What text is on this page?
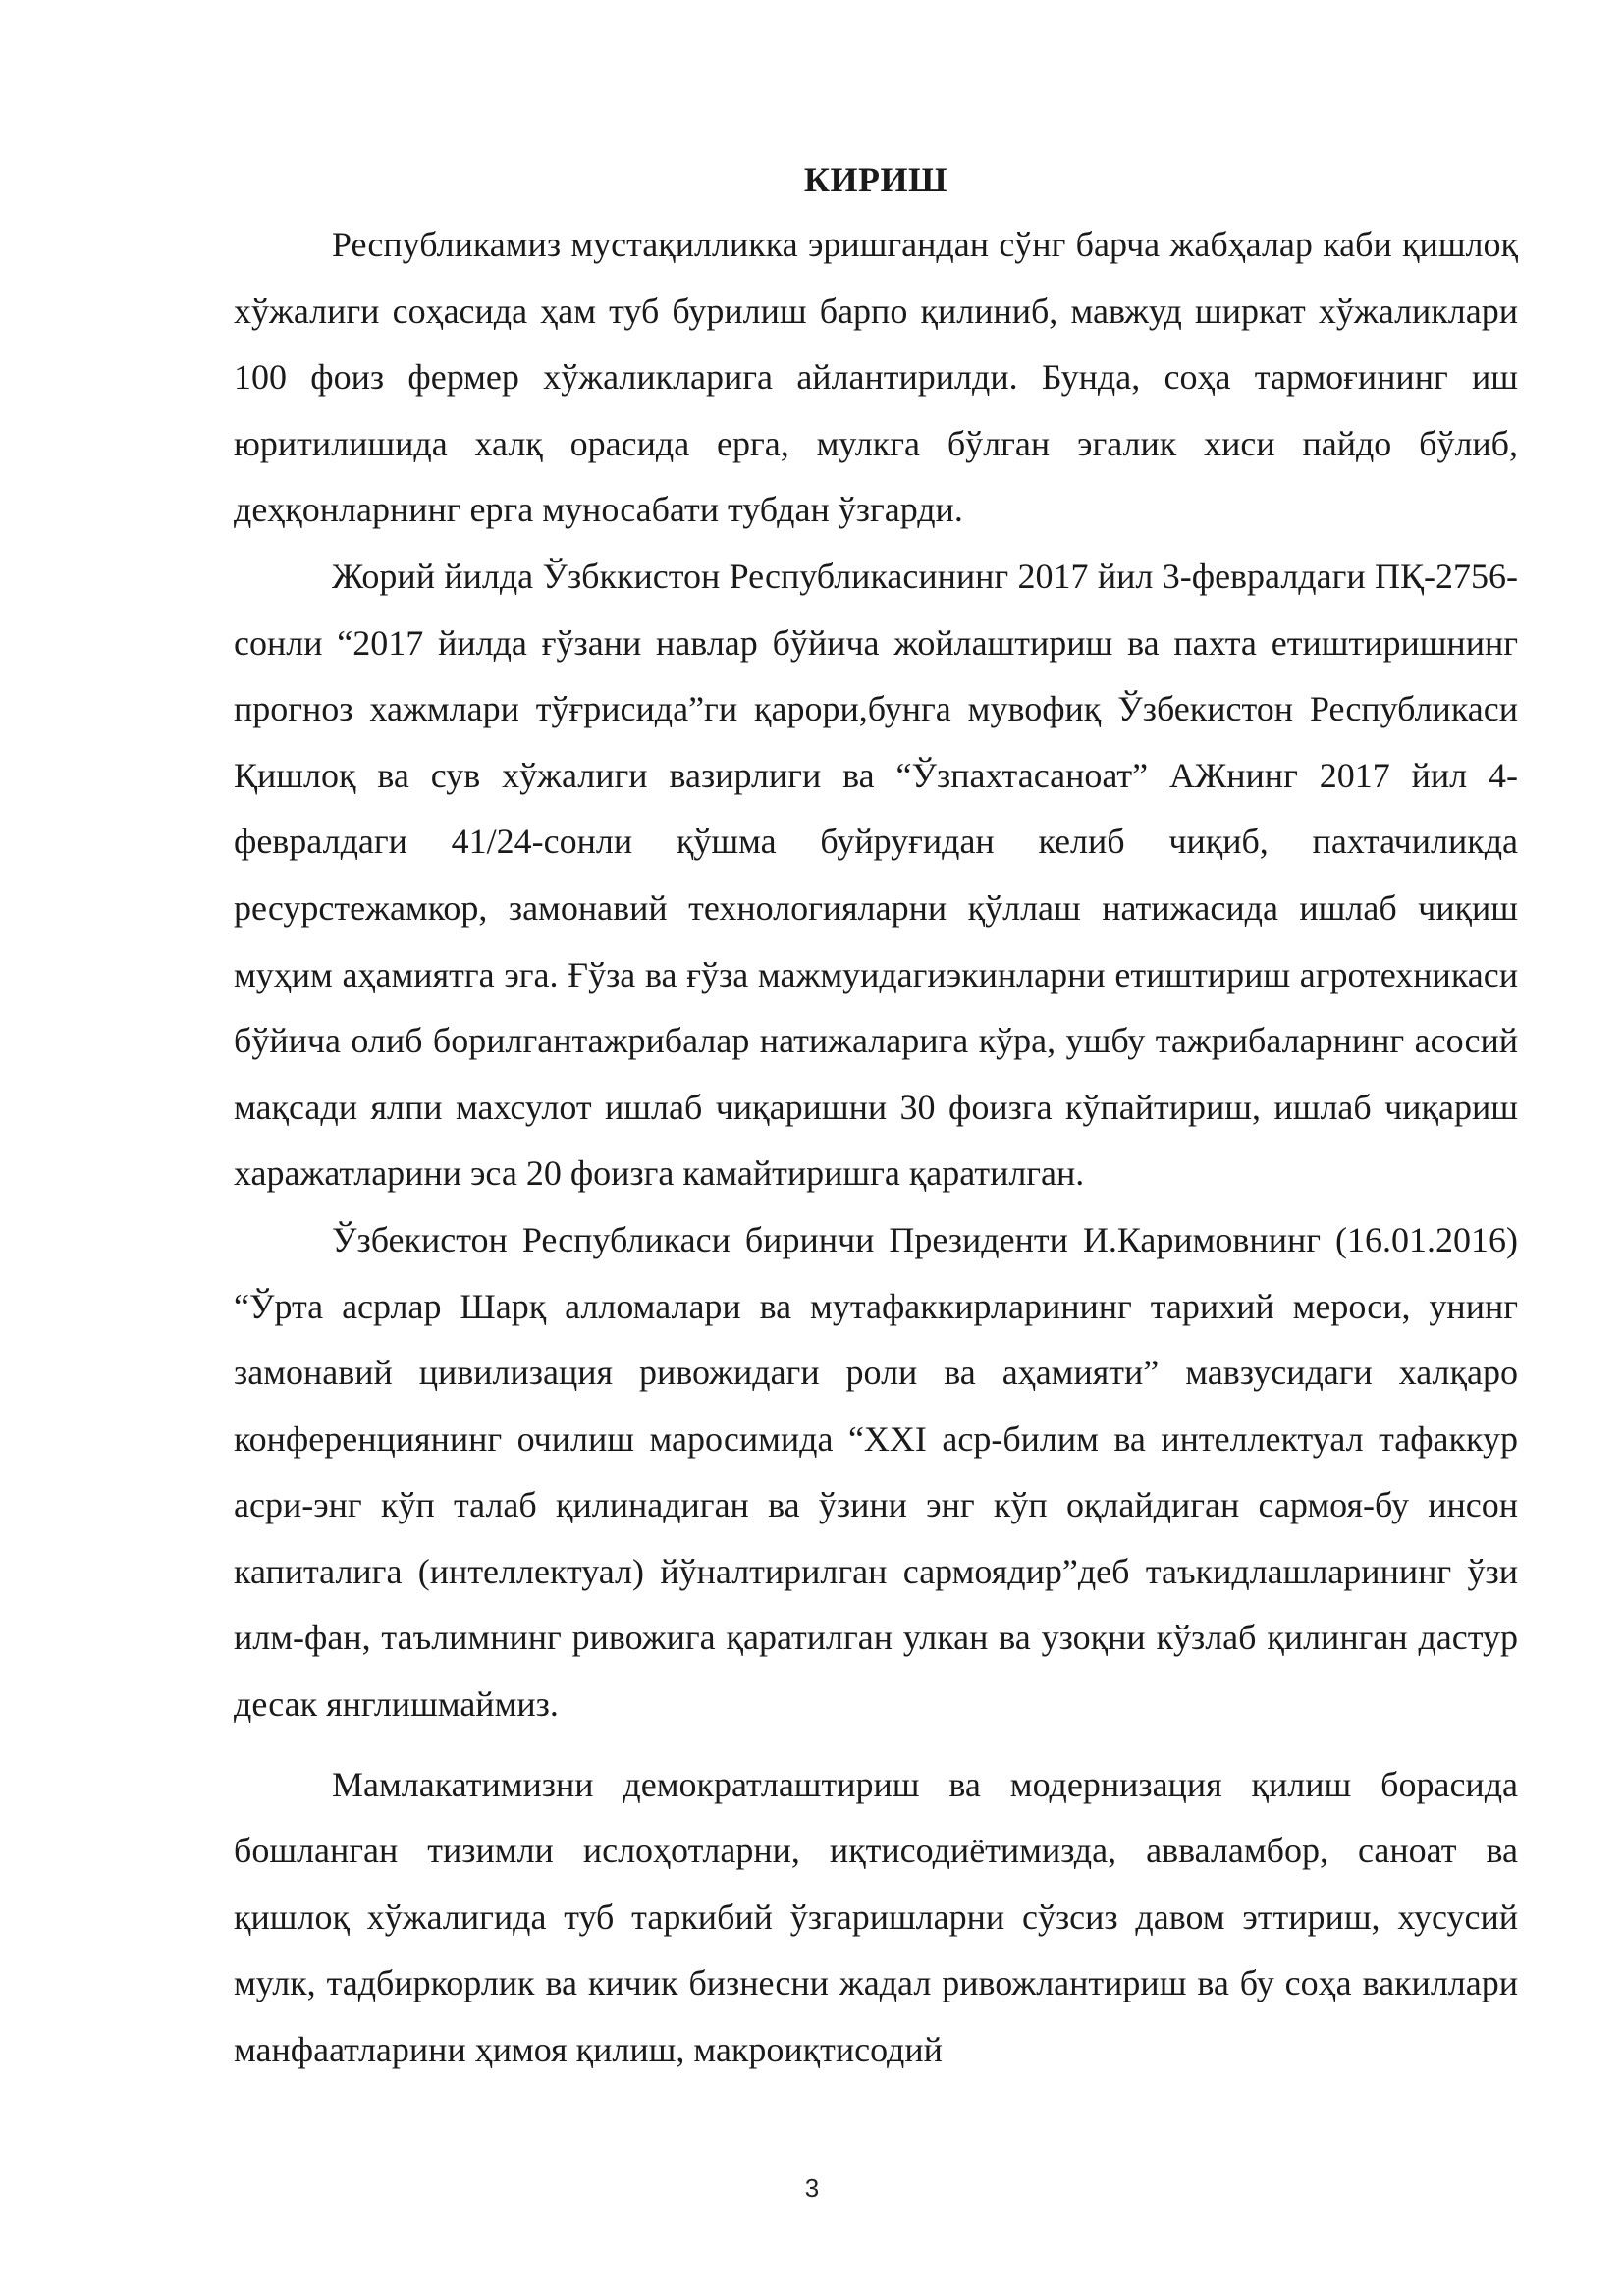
КИРИШ

Республикамиз мустақилликка эришгандан сўнг барча жабҳалар каби қишлоқ хўжалиги соҳасида ҳам туб бурилиш барпо қилиниб, мавжуд ширкат хўжаликлари 100 фоиз фермер хўжаликларига айлантирилди. Бунда, соҳа тармоғининг иш юритилишида халқ орасида ерга, мулкга бўлган эгалик хиси пайдо бўлиб, деҳқонларнинг ерга муносабати тубдан ўзгарди.

Жорий йилда Ўзбккистон Республикасининг 2017 йил 3-февралдаги ПҚ-2756- сонли “2017 йилда ғўзани навлар бўйича жойлаштириш ва пахта етиштиришнинг прогноз хажмлари тўғрисида”ги қарори,бунга мувофиқ Ўзбекистон Республикаси Қишлоқ ва сув хўжалиги вазирлиги ва “Ўзпахтасаноат” АЖнинг 2017 йил 4-февралдаги 41/24-сонли қўшма буйруғидан келиб чиқиб, пахтачиликда ресурстежамкор, замонавий технологияларни қўллаш натижасида ишлаб чиқиш муҳим аҳамиятга эга. Ғўза ва ғўза мажмуидагиэкинларни етиштириш агротехникаси бўйича олиб борилгантажрибалар натижаларига кўра, ушбу тажрибаларнинг асосий мақсади ялпи махсулот ишлаб чиқаришни 30 фоизга кўпайтириш, ишлаб чиқариш харажатларини эса 20 фоизга камайтиришга қаратилган.

Ўзбекистон Республикаси биринчи Президенти И.Каримовнинг (16.01.2016) “Ўрта асрлар Шарқ алломалари ва мутафаккирларининг тарихий мероси, унинг замонавий цивилизация ривожидаги роли ва аҳамияти” мавзусидаги халқаро конференциянинг очилиш маросимида “XXI аср-билим ва интеллектуал тафаккур асри-энг кўп талаб қилинадиган ва ўзини энг кўп оқлайдиган сармоя-бу инсон капиталига (интеллектуал) йўналтирилган сармоядир”деб таъкидлашларининг ўзи илм-фан, таълимнинг ривожига қаратилган улкан ва узоқни кўзлаб қилинган дастур десак янглишмаймиз.

Мамлакатимизни демократлаштириш ва модернизация қилиш борасида бошланган тизимли ислоҳотларни, иқтисодиётимизда, авваламбор, саноат ва қишлоқ хўжалигида туб таркибий ўзгаришларни сўзсиз давом эттириш, хусусий мулк, тадбиркорлик ва кичик бизнесни жадал ривожлантириш ва бу соҳа вакиллари манфаатларини ҳимоя қилиш, макроиқтисодий

3
